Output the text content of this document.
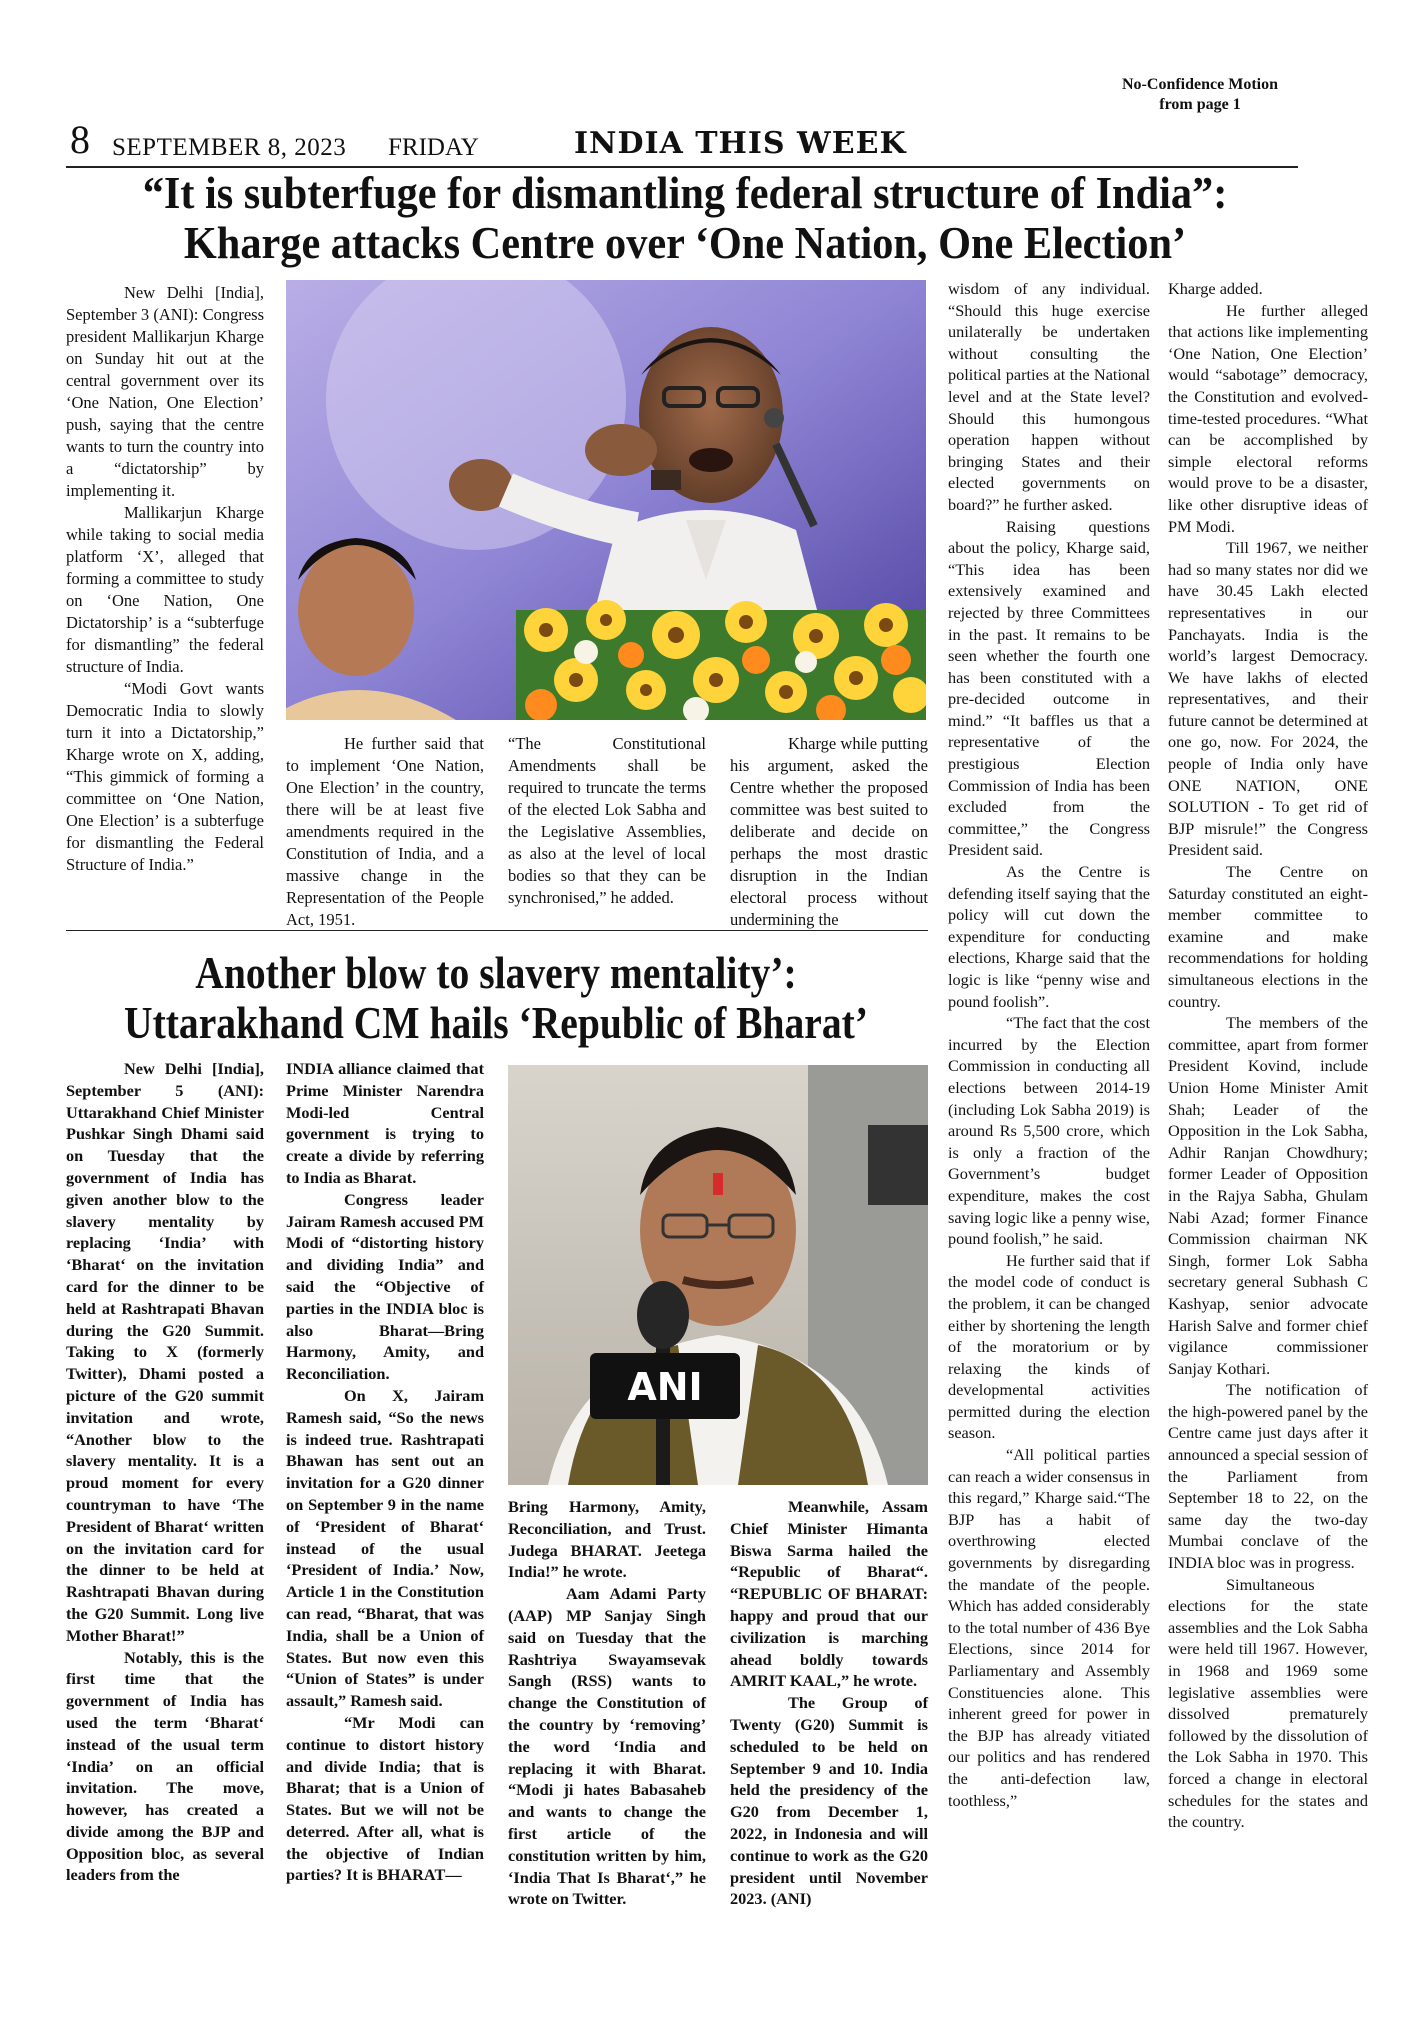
No-Confidence Motion
from page 1
8 SEPTEMBER 8, 2023 FRIDAY	INDIA THIS WEEK
“It is subterfuge for dismantling federal structure of India”:
Kharge attacks Centre over ‘One Nation, One Election’

New Delhi [India], September 3 (ANI): Congress president Mallikarjun Kharge on Sunday hit out at the central government over its ‘One Nation, One Election’ push, saying that the centre wants to turn the country into a “dictatorship” by implementing it.

Mallikarjun Kharge while taking to social media platform ‘X’, alleged that forming a committee to study on ‘One Nation, One Dictatorship’ is a “subterfuge for dismantling” the federal structure of India.

“Modi Govt wants Democratic India to slowly turn it into a Dictatorship,” Kharge wrote on X, adding, “This gimmick of forming a committee on ‘One Nation, One Election’ is a subterfuge for dismantling the Federal Structure of India.”

He further said that to implement ‘One Nation, One Election’ in the country, there will be at least five amendments required in the Constitution of India, and a massive change in the Representation of the People Act, 1951.

“The Constitutional Amendments shall be required to truncate the terms of the elected Lok Sabha and the Legislative Assemblies, as also at the level of local bodies so that they can be synchronised,” he added.

Kharge while putting his argument, asked the Centre whether the proposed committee was best suited to deliberate and decide on perhaps the most drastic disruption in the Indian electoral process without undermining the

wisdom of any individual. “Should this huge exercise unilaterally be undertaken without consulting the political parties at the National level and at the State level? Should this humongous operation happen without bringing States and their elected governments on board?” he further asked.

Raising questions about the policy, Kharge said, “This idea has been extensively examined and rejected by three Committees in the past. It remains to be seen whether the fourth one has been constituted with a pre-decided outcome in mind.” “It baffles us that a representative of the prestigious Election Commission of India has been excluded from the committee,” the Congress President said.

As the Centre is defending itself saying that the policy will cut down the expenditure for conducting elections, Kharge said that the logic is like “penny wise and pound foolish”.

“The fact that the cost incurred by the Election Commission in conducting all elections between 2014-19 (including Lok Sabha 2019) is around Rs 5,500 crore, which is only a fraction of the Government’s budget expenditure, makes the cost saving logic like a penny wise, pound foolish,” he said.

He further said that if the model code of conduct is the problem, it can be changed either by shortening the length of the moratorium or by relaxing the kinds of developmental activities permitted during the election season.

“All political parties can reach a wider consensus in this regard,” Kharge said.“The BJP has a habit of overthrowing elected governments by disregarding the mandate of the people. Which has added considerably to the total number of 436 Bye Elections, since 2014 for Parliamentary and Assembly Constituencies alone. This inherent greed for power in the BJP has already vitiated our politics and has rendered the anti-defection law, toothless,”

Kharge added.

He further alleged that actions like implementing ‘One Nation, One Election’ would “sabotage” democracy, the Constitution and evolved-time-tested procedures. “What can be accomplished by simple electoral reforms would prove to be a disaster, like other disruptive ideas of PM Modi.

Till 1967, we neither had so many states nor did we have 30.45 Lakh elected representatives in our Panchayats. India is the world’s largest Democracy. We have lakhs of elected representatives, and their future cannot be determined at one go, now. For 2024, the people of India only have ONE NATION, ONE SOLUTION - To get rid of BJP misrule!” the Congress President said.

The Centre on Saturday constituted an eight-member committee to examine and make recommendations for holding simultaneous elections in the country.

The members of the committee, apart from former President Kovind, include Union Home Minister Amit Shah; Leader of the Opposition in the Lok Sabha, Adhir Ranjan Chowdhury; former Leader of Opposition in the Rajya Sabha, Ghulam Nabi Azad; former Finance Commission chairman NK Singh, former Lok Sabha secretary general Subhash C Kashyap, senior advocate Harish Salve and former chief vigilance commissioner Sanjay Kothari.

The notification of the high-powered panel by the Centre came just days after it announced a special session of the Parliament from September 18 to 22, on the same day the two-day Mumbai conclave of the INDIA bloc was in progress.

Simultaneous elections for the state assemblies and the Lok Sabha were held till 1967. However, in 1968 and 1969 some legislative assemblies were dissolved prematurely followed by the dissolution of the Lok Sabha in 1970. This forced a change in electoral schedules for the states and the country.

Another blow to slavery mentality’:
Uttarakhand CM hails ‘Republic of Bharat’
ANI

New Delhi [India], September 5 (ANI): Uttarakhand Chief Minister Pushkar Singh Dhami said on Tuesday that the government of India has given another blow to the slavery mentality by replacing ‘India’ with ‘Bharat‘ on the invitation card for the dinner to be held at Rashtrapati Bhavan during the G20 Summit. Taking to X (formerly Twitter), Dhami posted a picture of the G20 summit invitation and wrote, “Another blow to the slavery mentality. It is a proud moment for every countryman to have ‘The President of Bharat‘ written on the invitation card for the dinner to be held at Rashtrapati Bhavan during the G20 Summit. Long live Mother Bharat!”

Notably, this is the first time that the government of India has used the term ‘Bharat‘ instead of the usual term ‘India’ on an official invitation. The move, however, has created a divide among the BJP and Opposition bloc, as several leaders from the

INDIA alliance claimed that Prime Minister Narendra Modi-led Central government is trying to create a divide by referring to India as Bharat.

Congress leader Jairam Ramesh accused PM Modi of “distorting history and dividing India” and said the “Objective of parties in the INDIA bloc is also Bharat—Bring Harmony, Amity, and Reconciliation.

On X, Jairam Ramesh said, “So the news is indeed true. Rashtrapati Bhawan has sent out an invitation for a G20 dinner on September 9 in the name of ‘President of Bharat‘ instead of the usual ‘President of India.’ Now, Article 1 in the Constitution can read, “Bharat, that was India, shall be a Union of States. But now even this “Union of States” is under assault,” Ramesh said.

“Mr Modi can continue to distort history and divide India; that is Bharat; that is a Union of States. But we will not be deterred. After all, what is the objective of Indian parties? It is BHARAT—

Bring Harmony, Amity, Reconciliation, and Trust. Judega BHARAT. Jeetega India!” he wrote.

Aam Adami Party (AAP) MP Sanjay Singh said on Tuesday that the Rashtriya Swayamsevak Sangh (RSS) wants to change the Constitution of the country by ‘removing’ the word ‘India and replacing it with Bharat. “Modi ji hates Babasaheb and wants to change the first article of the constitution written by him, ‘India That Is Bharat‘,” he wrote on Twitter.

Meanwhile, Assam Chief Minister Himanta Biswa Sarma hailed the “Republic of Bharat“. “REPUBLIC OF BHARAT: happy and proud that our civilization is marching ahead boldly towards AMRIT KAAL,” he wrote.

The Group of Twenty (G20) Summit is scheduled to be held on September 9 and 10. India held the presidency of the G20 from December 1, 2022, in Indonesia and will continue to work as the G20 president until November 2023. (ANI)
